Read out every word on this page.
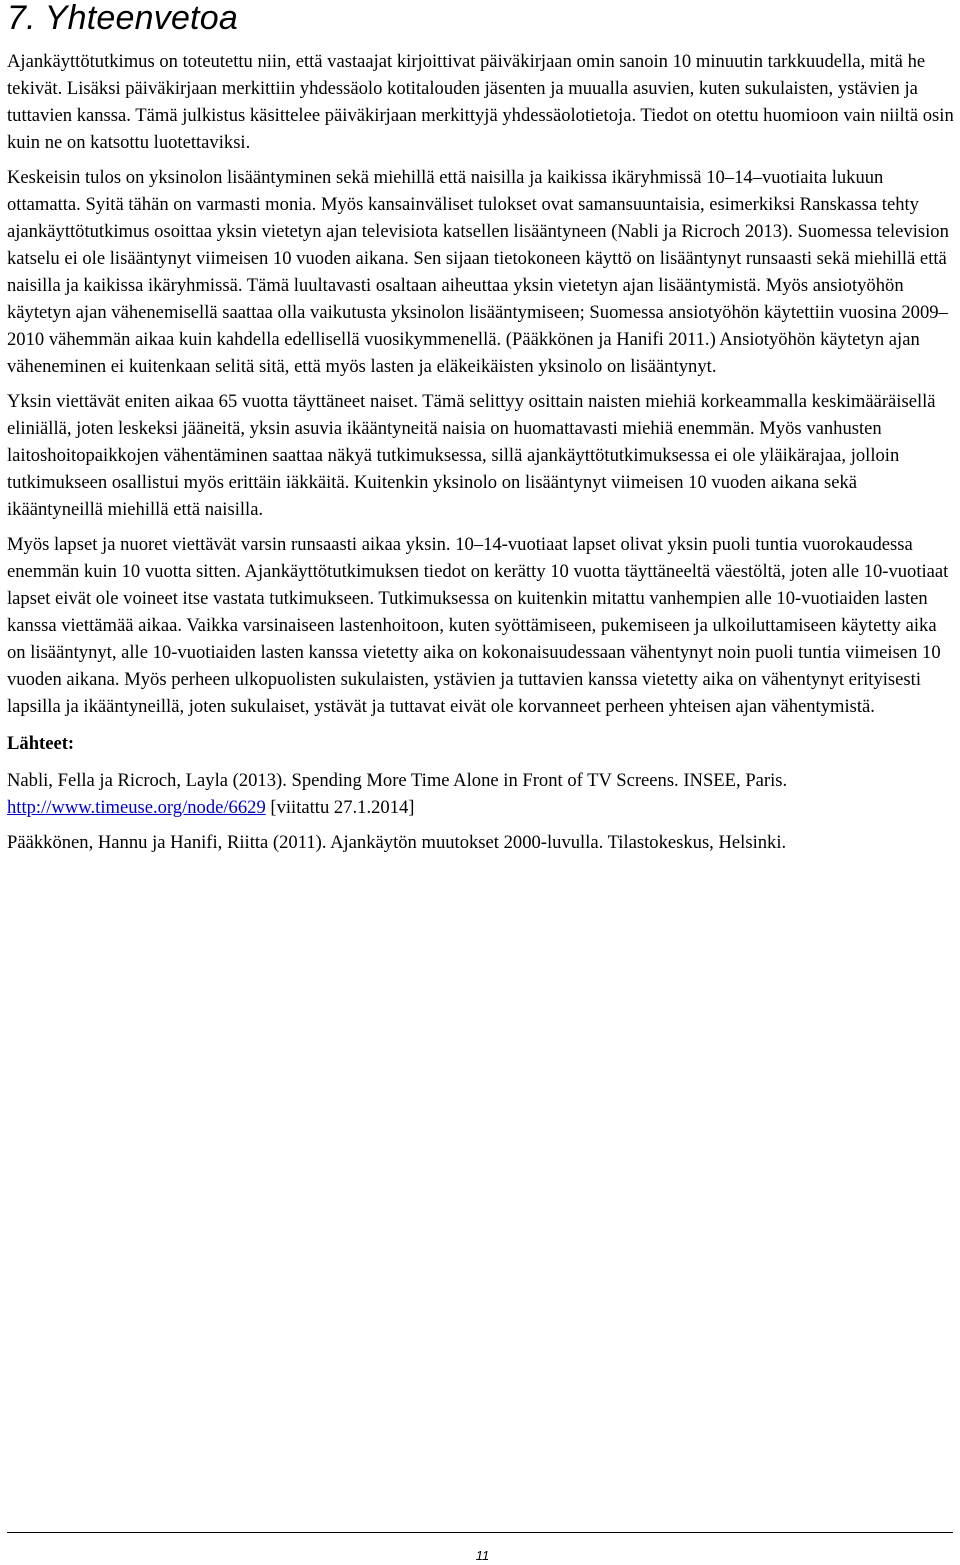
7. Yhteenvetoa

Ajankäyttötutkimus on toteutettu niin, että vastaajat kirjoittivat päiväkirjaan omin sanoin 10 minuutin tarkkuudella, mitä he tekivät. Lisäksi päiväkirjaan merkittiin yhdessäolo kotitalouden jäsenten ja muualla asuvien, kuten sukulaisten, ystävien ja tuttavien kanssa. Tämä julkistus käsittelee päiväkirjaan merkittyjä yhdessäolotietoja. Tiedot on otettu huomioon vain niiltä osin kuin ne on katsottu luotettaviksi.

Keskeisin tulos on yksinolon lisääntyminen sekä miehillä että naisilla ja kaikissa ikäryhmissä 10–14–vuotiaita lukuun ottamatta. Syitä tähän on varmasti monia. Myös kansainväliset tulokset ovat samansuuntaisia, esimerkiksi Ranskassa tehty ajankäyttötutkimus osoittaa yksin vietetyn ajan televisiota katsellen lisääntyneen (Nabli ja Ricroch 2013). Suomessa television katselu ei ole lisääntynyt viimeisen 10 vuoden aikana. Sen sijaan tietokoneen käyttö on lisääntynyt runsaasti sekä miehillä että naisilla ja kaikissa ikäryhmissä. Tämä luultavasti osaltaan aiheuttaa yksin vietetyn ajan lisääntymistä. Myös ansiotyöhön käytetyn ajan vähenemisellä saattaa olla vaikutusta yksinolon lisääntymiseen; Suomessa ansiotyöhön käytettiin vuosina 2009–2010 vähemmän aikaa kuin kahdella edellisellä vuosikymmenellä. (Pääkkönen ja Hanifi 2011.) Ansiotyöhön käytetyn ajan väheneminen ei kuitenkaan selitä sitä, että myös lasten ja eläkeikäisten yksinolo on lisääntynyt.

Yksin viettävät eniten aikaa 65 vuotta täyttäneet naiset. Tämä selittyy osittain naisten miehiä korkeammalla keskimääräisellä eliniällä, joten leskeksi jääneitä, yksin asuvia ikääntyneitä naisia on huomattavasti miehiä enemmän. Myös vanhusten laitoshoitopaikkojen vähentäminen saattaa näkyä tutkimuksessa, sillä ajankäyttötutkimuksessa ei ole yläikärajaa, jolloin tutkimukseen osallistui myös erittäin iäkkäitä. Kuitenkin yksinolo on lisääntynyt viimeisen 10 vuoden aikana sekä ikääntyneillä miehillä että naisilla.

Myös lapset ja nuoret viettävät varsin runsaasti aikaa yksin. 10–14-vuotiaat lapset olivat yksin puoli tuntia vuorokaudessa enemmän kuin 10 vuotta sitten. Ajankäyttötutkimuksen tiedot on kerätty 10 vuotta täyttäneeltä väestöltä, joten alle 10-vuotiaat lapset eivät ole voineet itse vastata tutkimukseen. Tutkimuksessa on kuitenkin mitattu vanhempien alle 10-vuotiaiden lasten kanssa viettämää aikaa. Vaikka varsinaiseen lastenhoitoon, kuten syöttämiseen, pukemiseen ja ulkoiluttamiseen käytetty aika on lisääntynyt, alle 10-vuotiaiden lasten kanssa vietetty aika on kokonaisuudessaan vähentynyt noin puoli tuntia viimeisen 10 vuoden aikana. Myös perheen ulkopuolisten sukulaisten, ystävien ja tuttavien kanssa vietetty aika on vähentynyt erityisesti lapsilla ja ikääntyneillä, joten sukulaiset, ystävät ja tuttavat eivät ole korvanneet perheen yhteisen ajan vähentymistä.

Lähteet:

Nabli, Fella ja Ricroch, Layla (2013). Spending More Time Alone in Front of TV Screens. INSEE, Paris. http://www.timeuse.org/node/6629 [viitattu 27.1.2014]

Pääkkönen, Hannu ja Hanifi, Riitta (2011). Ajankäytön muutokset 2000-luvulla. Tilastokeskus, Helsinki.

11
